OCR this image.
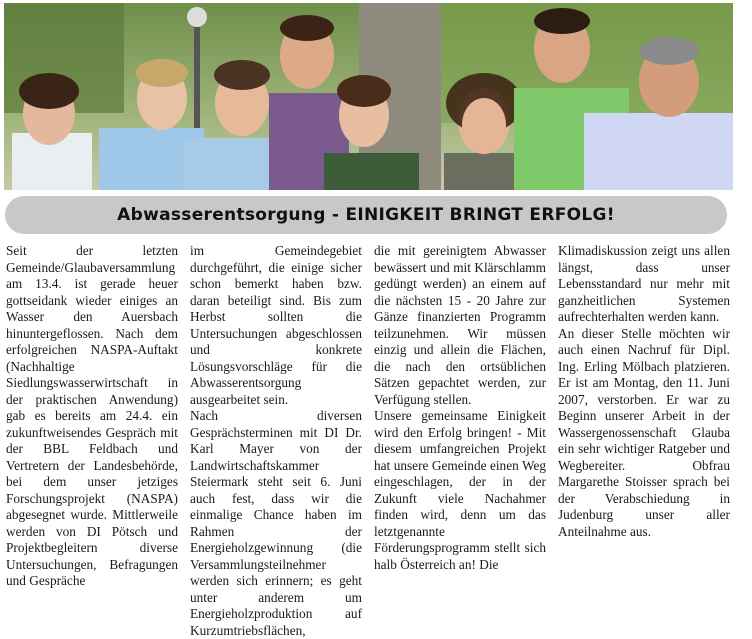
Abwasserentsorgung - EINIGKEIT BRINGT ERFOLG!

Seit der letzten Gemeinde/Glaubaversammlung am 13.4. ist gerade heuer gottseidank wieder einiges an Wasser den Auersbach hinuntergeflossen. Nach dem erfolgreichen NASPA-Auftakt (Nachhaltige Siedlungswasserwirtschaft in der praktischen Anwendung) gab es bereits am 24.4. ein zukunftweisendes Gespräch mit der BBL Feldbach und Vertretern der Landesbehörde, bei dem unser jetziges Forschungsprojekt (NASPA) abgesegnet wurde. Mittlerweile werden von DI Pötsch und Projektbegleitern diverse Untersuchungen, Befragungen und Gespräche

im Gemeindegebiet durchgeführt, die einige sicher schon bemerkt haben bzw. daran beteiligt sind. Bis zum Herbst sollten die Untersuchungen abgeschlossen und konkrete Lösungsvorschläge für die Abwasserentsorgung ausgearbeitet sein.

Nach diversen Gesprächsterminen mit DI Dr. Karl Mayer von der Landwirtschaftskammer Steiermark steht seit 6. Juni auch fest, dass wir die einmalige Chance haben im Rahmen der Energieholzgewinnung (die Versammlungsteilnehmer werden sich erinnern; es geht unter anderem um Energieholzproduktion auf Kurzumtriebsflächen,

die mit gereinigtem Abwasser bewässert und mit Klärschlamm gedüngt werden) an einem auf die nächsten 15 - 20 Jahre zur Gänze finanzierten Programm teilzunehmen. Wir müssen einzig und allein die Flächen, die nach den ortsüblichen Sätzen gepachtet werden, zur Verfügung stellen.

Unsere gemeinsame Einigkeit wird den Erfolg bringen! - Mit diesem umfangreichen Projekt hat unsere Gemeinde einen Weg eingeschlagen, der in der Zukunft viele Nachahmer finden wird, denn um das letztgenannte Förderungsprogramm stellt sich halb Österreich an! Die

Klimadiskussion zeigt uns allen längst, dass unser Lebensstandard nur mehr mit ganzheitlichen Systemen aufrechterhalten werden kann.

An dieser Stelle möchten wir auch einen Nachruf für Dipl. Ing. Erling Mölbach platzieren. Er ist am Montag, den 11. Juni 2007, verstorben. Er war zu Beginn unserer Arbeit in der Wassergenossenschaft Glauba ein sehr wichtiger Ratgeber und Wegbereiter. Obfrau Margarethe Stoisser sprach bei der Verabschiedung in Judenburg unser aller Anteilnahme aus.
